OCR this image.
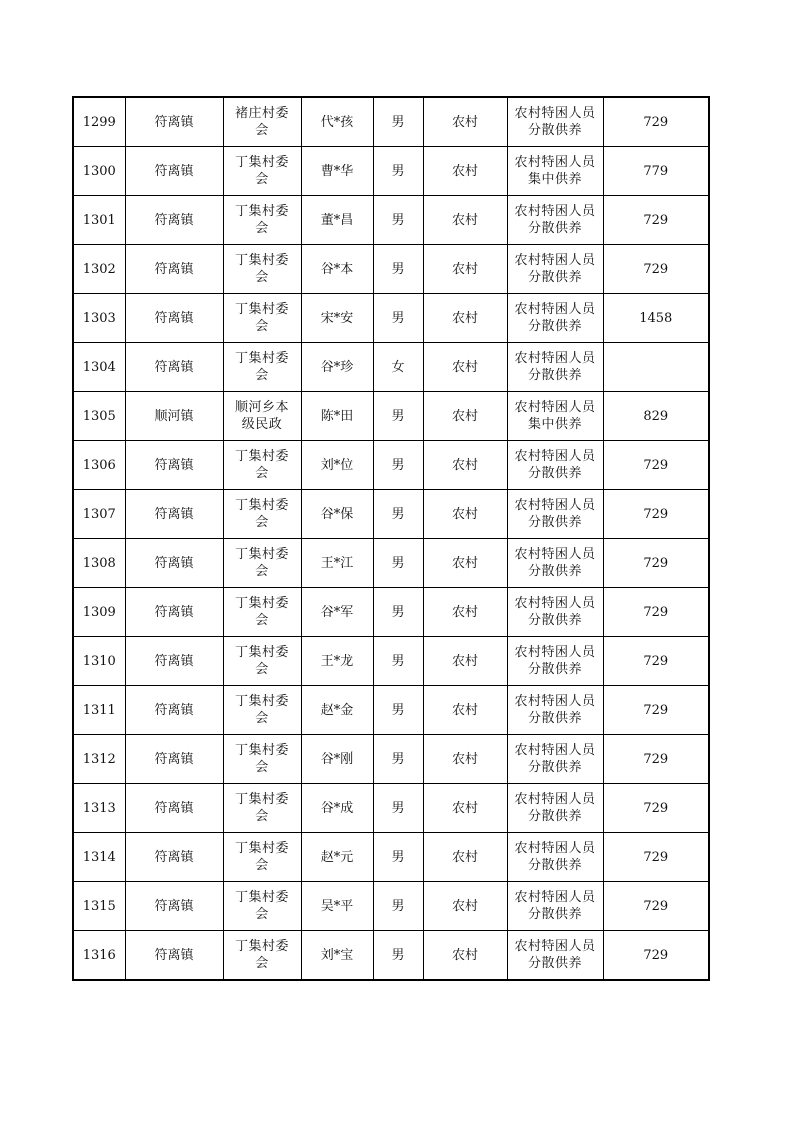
1299	符离镇	褚庄村委会	代*孩	男	农村	农村特困人员分散供养	729
1300	符离镇	丁集村委会	曹*华	男	农村	农村特困人员集中供养	779
1301	符离镇	丁集村委会	董*昌	男	农村	农村特困人员分散供养	729
1302	符离镇	丁集村委会	谷*本	男	农村	农村特困人员分散供养	729
1303	符离镇	丁集村委会	宋*安	男	农村	农村特困人员分散供养	1458
1304	符离镇	丁集村委会	谷*珍	女	农村	农村特困人员分散供养	
1305	顺河镇	顺河乡本级民政	陈*田	男	农村	农村特困人员集中供养	829
1306	符离镇	丁集村委会	刘*位	男	农村	农村特困人员分散供养	729
1307	符离镇	丁集村委会	谷*保	男	农村	农村特困人员分散供养	729
1308	符离镇	丁集村委会	王*江	男	农村	农村特困人员分散供养	729
1309	符离镇	丁集村委会	谷*军	男	农村	农村特困人员分散供养	729
1310	符离镇	丁集村委会	王*龙	男	农村	农村特困人员分散供养	729
1311	符离镇	丁集村委会	赵*金	男	农村	农村特困人员分散供养	729
1312	符离镇	丁集村委会	谷*刚	男	农村	农村特困人员分散供养	729
1313	符离镇	丁集村委会	谷*成	男	农村	农村特困人员分散供养	729
1314	符离镇	丁集村委会	赵*元	男	农村	农村特困人员分散供养	729
1315	符离镇	丁集村委会	吴*平	男	农村	农村特困人员分散供养	729
1316	符离镇	丁集村委会	刘*宝	男	农村	农村特困人员分散供养	729
